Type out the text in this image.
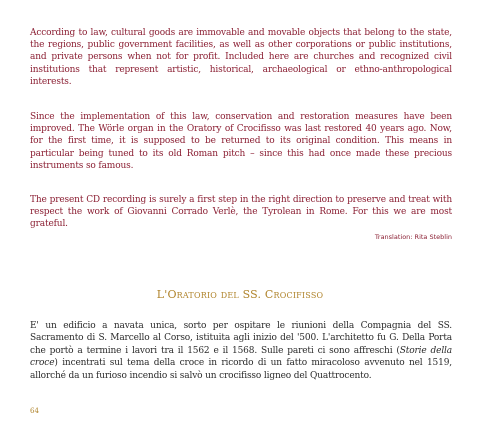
According to law, cultural goods are immovable and movable objects that belong to the state, the regions, public government facilities, as well as other corporations or public institutions, and private persons when not for profit. Included here are churches and recognized civil institutions that represent artistic, historical, archaeological or ethno-anthropological interests.

Since the implementation of this law, conservation and restoration measures have been improved. The Wörle organ in the Oratory of Crocifisso was last restored 40 years ago. Now, for the first time, it is supposed to be returned to its original condition. This means in particular being tuned to its old Roman pitch – since this had once made these precious instruments so famous.

The present CD recording is surely a first step in the right direction to preserve and treat with respect the work of Giovanni Corrado Verlè, the Tyrolean in Rome. For this we are most grateful.

Translation: Rita Steblin
L'Oratorio del SS. Crocifisso

E' un edificio a navata unica, sorto per ospitare le riunioni della Compagnia del SS. Sacramento di S. Marcello al Corso, istituita agli inizio del '500. L'architetto fu G. Della Porta che portò a termine i lavori tra il 1562 e il 1568. Sulle pareti ci sono affreschi (Storie della croce) incentrati sul tema della croce in ricordo di un fatto miracoloso avvenuto nel 1519, allorché da un furioso incendio si salvò un crocifisso ligneo del Quattrocento.

64
